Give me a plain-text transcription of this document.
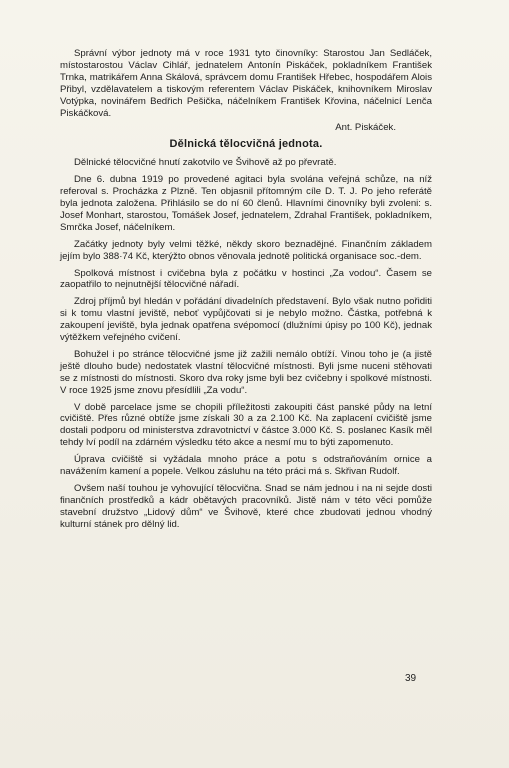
Správní výbor jednoty má v roce 1931 tyto činovníky: Starostou Jan Sedláček, místostarostou Václav Cihlář, jednatelem Antonín Piskáček, pokladníkem František Trnka, matrikářem Anna Skálová, správcem domu František Hřebec, hospodářem Alois Přibyl, vzdělavatelem a tiskovým referentem Václav Piskáček, knihovníkem Miroslav Votýpka, novinářem Bedřich Pešička, náčelníkem František Křovina, náčelnicí Lenča Piskáčková.

Ant. Piskáček.
Dělnická tělocvičná jednota.

Dělnické tělocvičné hnutí zakotvilo ve Švihově až po převratě.

Dne 6. dubna 1919 po provedené agitaci byla svolána veřejná schůze, na níž referoval s. Procházka z Plzně. Ten objasnil přítomným cíle D. T. J. Po jeho referátě byla jednota založena. Přihlásilo se do ní 60 členů. Hlavními činovníky byli zvoleni: s. Josef Monhart, starostou, Tomášek Josef, jednatelem, Zdrahal František, pokladníkem, Smrčka Josef, náčelníkem.

Začátky jednoty byly velmi těžké, někdy skoro beznadějné. Finančním základem jejím bylo 388·74 Kč, kterýžto obnos věnovala jednotě politická organisace soc.-dem.

Spolková místnost i cvičebna byla z počátku v hostinci „Za vodou“. Časem se zaopatřilo to nejnutnější tělocvičné nářadí.

Zdroj příjmů byl hledán v pořádání divadelních představení. Bylo však nutno pořiditi si k tomu vlastní jeviště, neboť vypůjčovati si je nebylo možno. Částka, potřebná k zakoupení jeviště, byla jednak opatřena svépomocí (dlužními úpisy po 100 Kč), jednak výtěžkem veřejného cvičení.

Bohužel i po stránce tělocvičné jsme již zažili nemálo obtíží. Vinou toho je (a jistě ještě dlouho bude) nedostatek vlastní tělocvičné místnosti. Byli jsme nuceni stěhovati se z místnosti do místnosti. Skoro dva roky jsme byli bez cvičebny i spolkové místnosti. V roce 1925 jsme znovu přesídlili „Za vodu“.

V době parcelace jsme se chopili příležitosti zakoupiti část panské půdy na letní cvičiště. Přes různé obtíže jsme získali 30 a za 2.100 Kč. Na zaplacení cvičiště jsme dostali podporu od ministerstva zdravotnictví v částce 3.000 Kč. S. poslanec Kasík měl tehdy lví podíl na zdárném výsledku této akce a nesmí mu to býti zapomenuto.

Úprava cvičiště si vyžádala mnoho práce a potu s odstraňováním ornice a navážením kamení a popele. Velkou zásluhu na této práci má s. Skřivan Rudolf.

Ovšem naší touhou je vyhovující tělocvična. Snad se nám jednou i na ni sejde dosti finančních prostředků a kádr obětavých pracovníků. Jistě nám v této věci pomůže stavební družstvo „Lidový dům“ ve Švihově, které chce zbudovati jednou vhodný kulturní stánek pro dělný lid.

39
